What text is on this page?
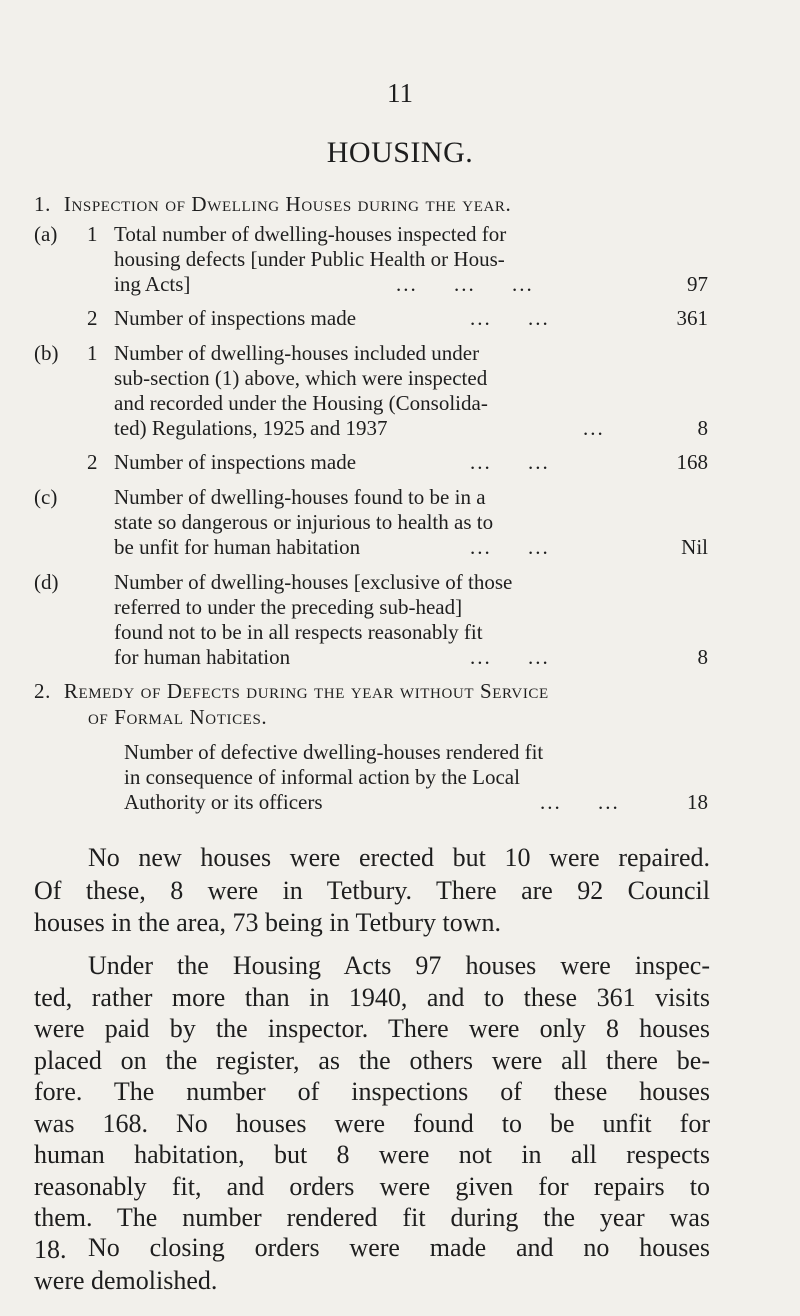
11
HOUSING.
1. Inspection of Dwelling Houses during the year.
(a) 1 Total number of dwelling-houses inspected for
housing defects [under Public Health or Hous-
ing Acts]	...     ...     ...	97
2 Number of inspections made	...     ...	361
(b) 1 Number of dwelling-houses included under
sub-section (1) above, which were inspected
and recorded under the Housing (Consolida-
ted) Regulations, 1925 and 1937	...	8
2 Number of inspections made	...     ...	168
(c)	Number of dwelling-houses found to be in a
state so dangerous or injurious to health as to
be unfit for human habitation	...     ...	Nil
(d)	Number of dwelling-houses [exclusive of those
referred to under the preceding sub-head]
found not to be in all respects reasonably fit
for human habitation	...     ...	8
2. Remedy of Defects during the year without Service
of Formal Notices.
Number of defective dwelling-houses rendered fit
in consequence of informal action by the Local
Authority or its officers	...     ...	18
No new houses were erected but 10 were repaired.
Of these, 8 were in Tetbury. There are 92 Council
houses in the area, 73 being in Tetbury town.
Under the Housing Acts 97 houses were inspec-
ted, rather more than in 1940, and to these 361 visits
were paid by the inspector. There were only 8 houses
placed on the register, as the others were all there be-
fore. The number of inspections of these houses
was 168. No houses were found to be unfit for
human habitation, but 8 were not in all respects
reasonably fit, and orders were given for repairs to
them. The number rendered fit during the year was
18. No closing orders were made and no houses
were demolished.
